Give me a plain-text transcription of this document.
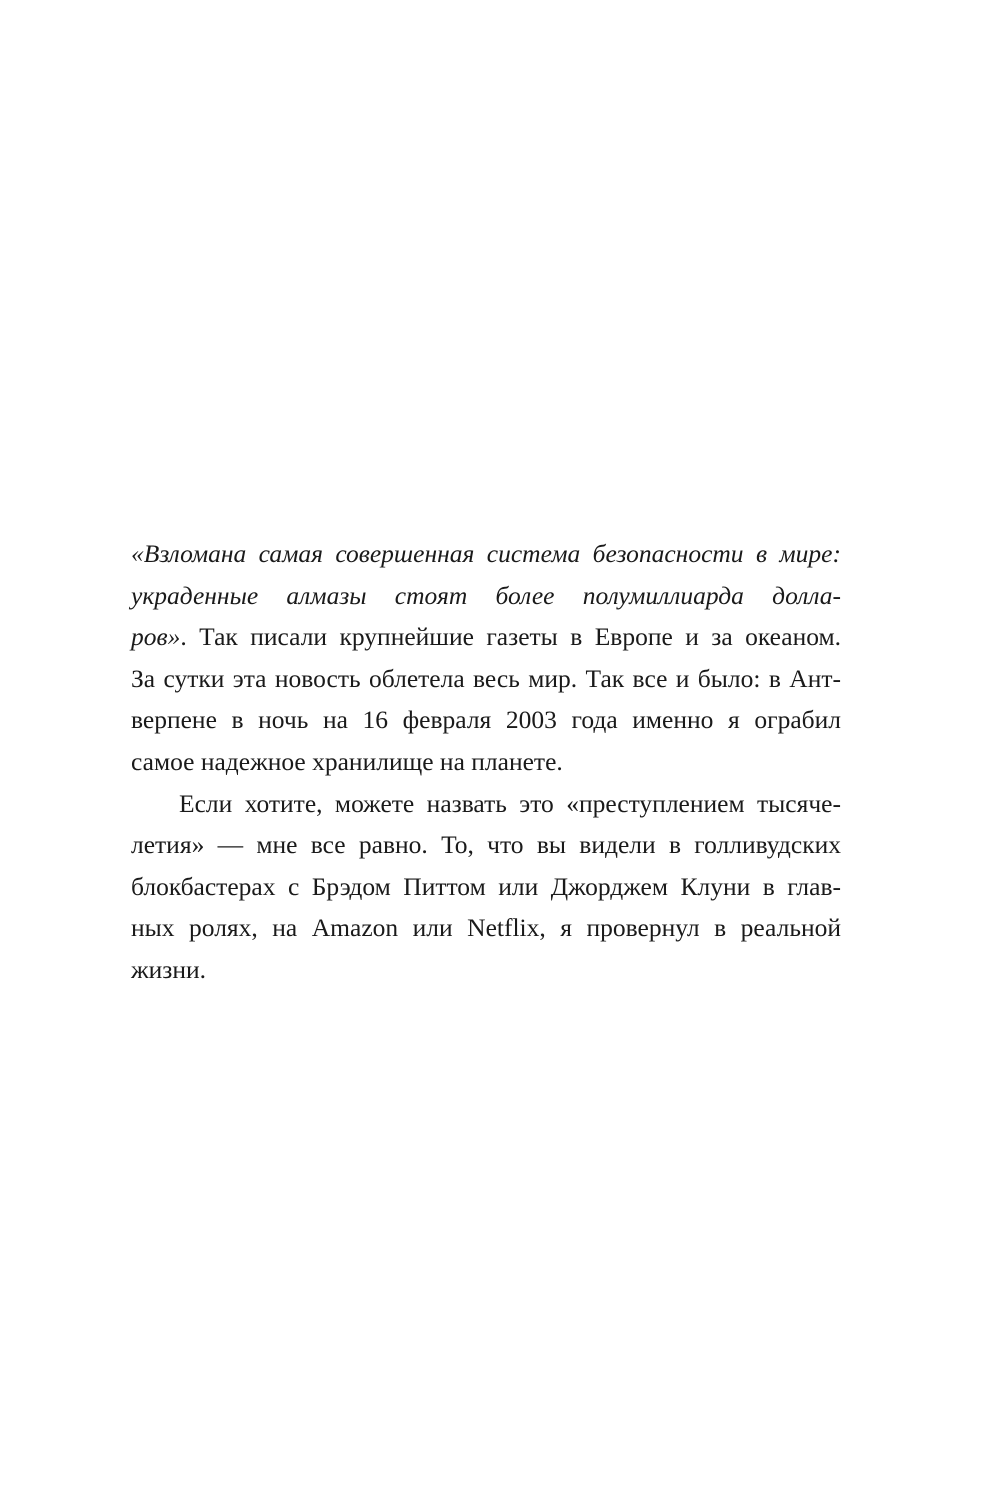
«Взломана самая совершенная система безопасности в мире:
украденные алмазы стоят более полумиллиарда долла-
ров». Так писали крупнейшие газеты в Европе и за океаном.
За сутки эта новость облетела весь мир. Так все и было: в Ант-
верпене в ночь на 16 февраля 2003 года именно я ограбил
самое надежное хранилище на планете.
Если хотите, можете назвать это «преступлением тысяче-
летия» — мне все равно. То, что вы видели в голливудских
блокбастерах с Брэдом Питтом или Джорджем Клуни в глав-
ных ролях, на Amazon или Netflix, я провернул в реальной
жизни.
